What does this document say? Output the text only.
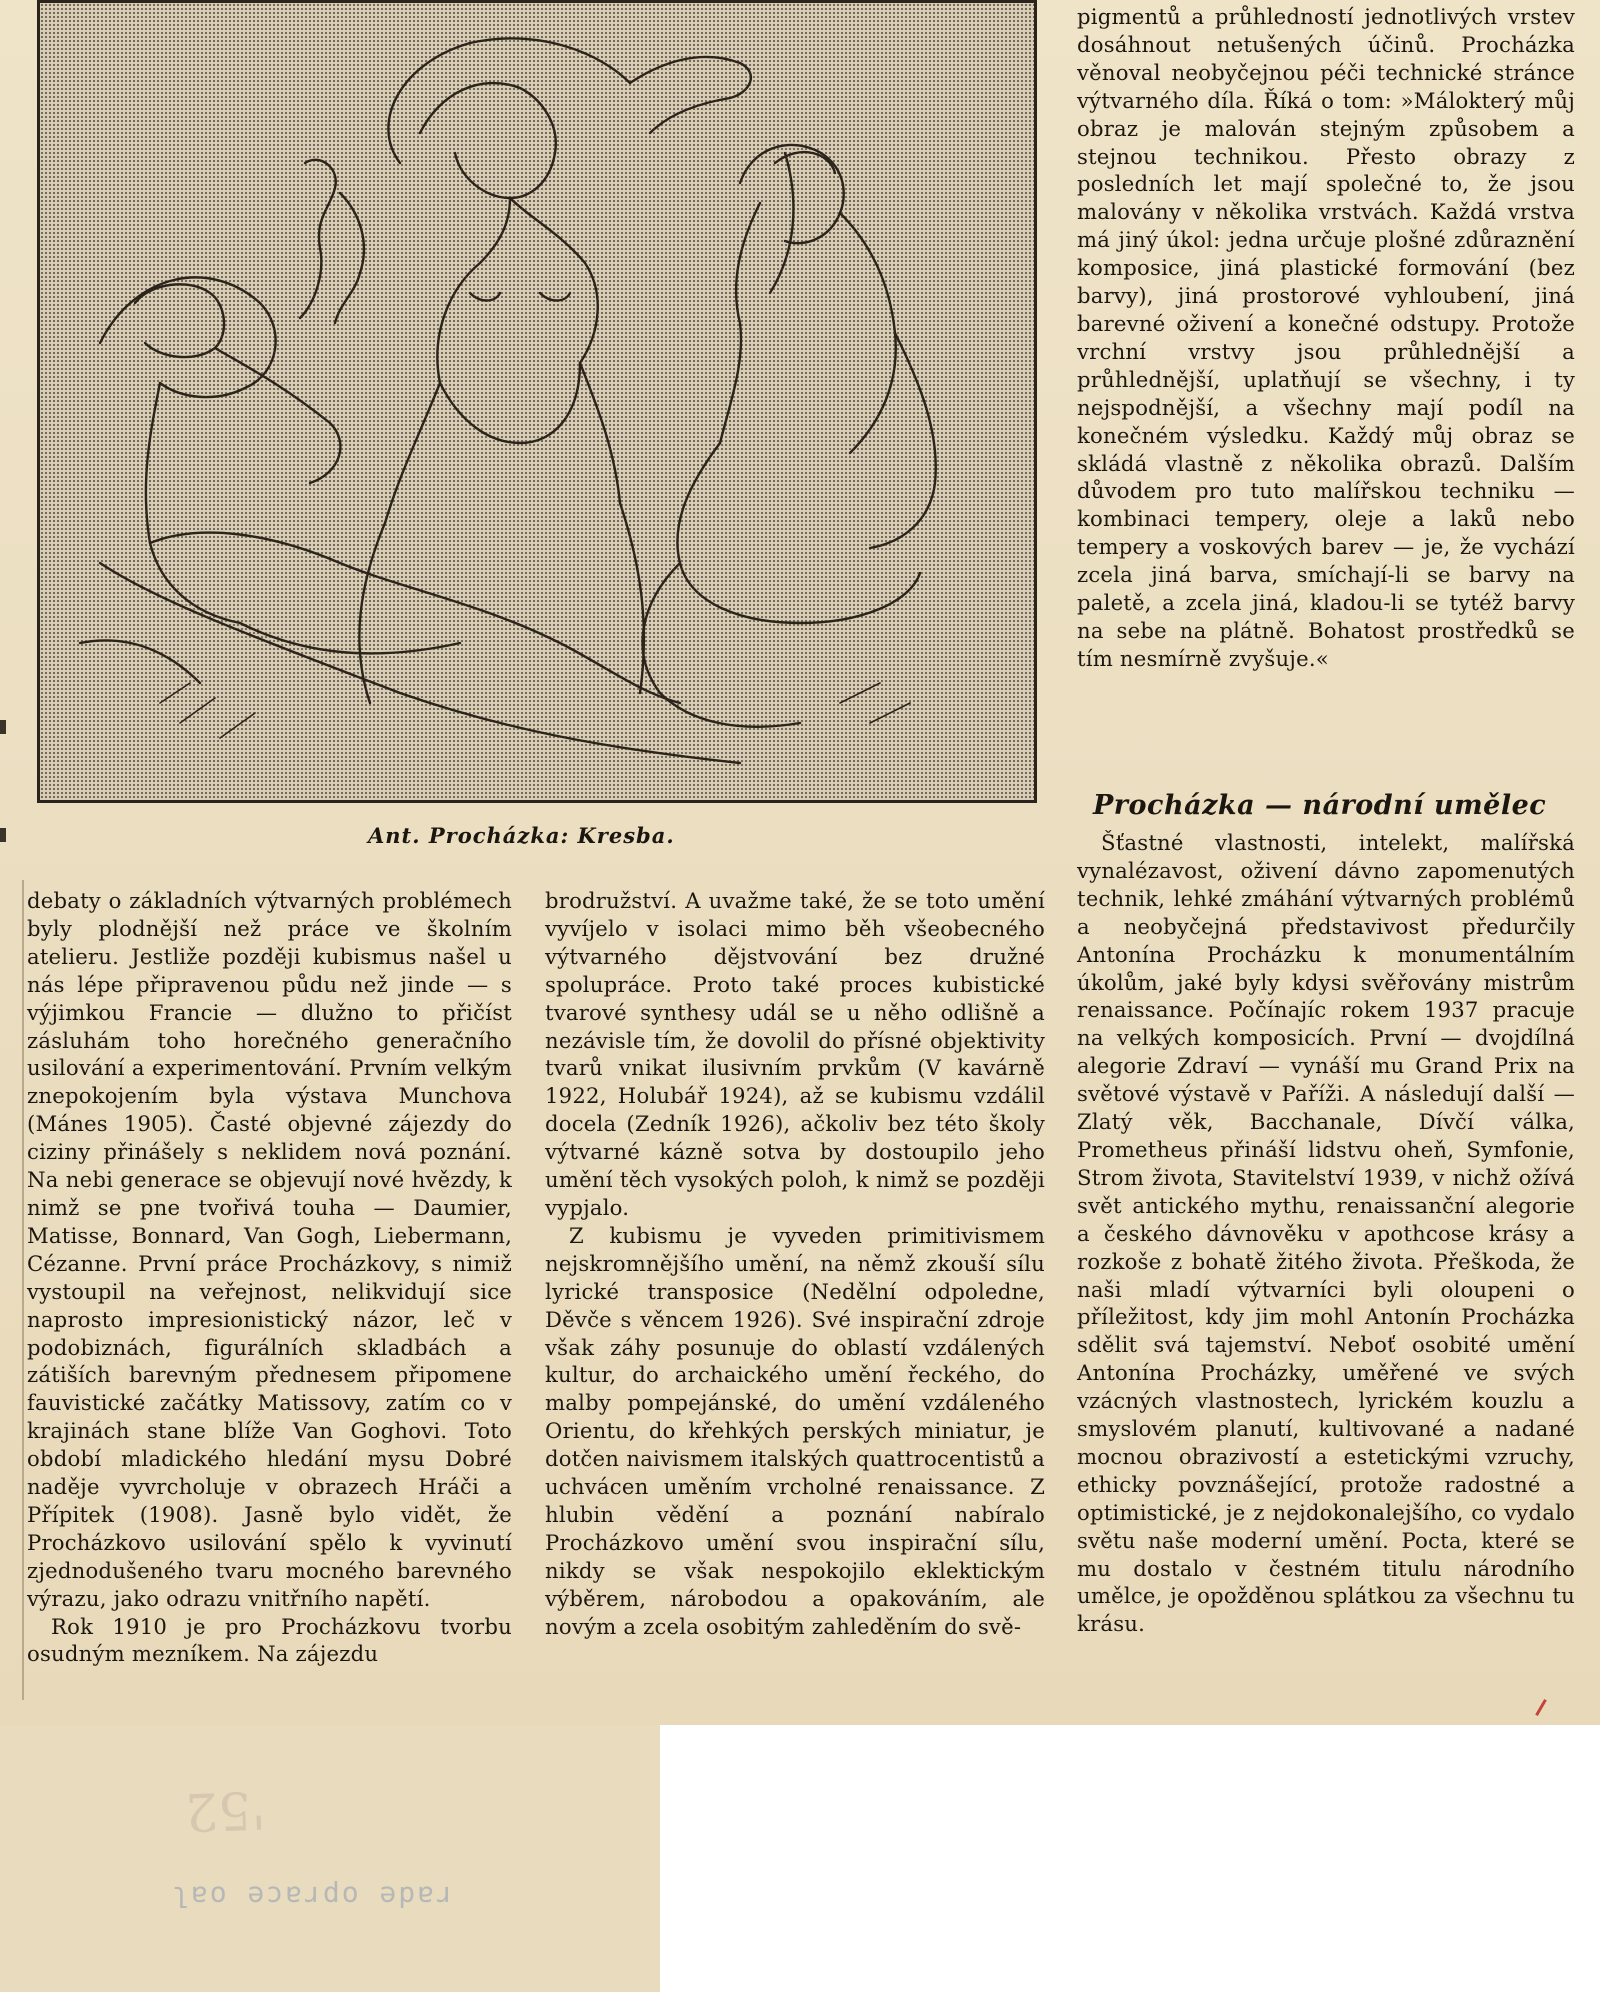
'52
rade oprace oal
Ant. Procházka: Kresba.

debaty o základních výtvarných problémech byly plodnější než práce ve školním atelieru. Jestliže později kubismus našel u nás lépe připravenou půdu než jinde — s výjimkou Francie — dlužno to přičíst zásluhám toho horečného generačního usilování a experimentování. Prvním velkým znepokojením byla výstava Munchova (Mánes 1905). Časté objevné zájezdy do ciziny přinášely s neklidem nová poznání. Na nebi generace se objevují nové hvězdy, k nimž se pne tvořivá touha — Daumier, Matisse, Bonnard, Van Gogh, Liebermann, Cézanne. První práce Procházkovy, s nimiž vystoupil na veřejnost, nelikvidují sice naprosto impresionistický názor, leč v podobiznách, figurálních skladbách a zátiších barevným přednesem připomene fauvistické začátky Matissovy, zatím co v krajinách stane blíže Van Goghovi. Toto období mladického hledání mysu Dobré naděje vyvrcholuje v obrazech Hráči a Přípitek (1908). Jasně bylo vidět, že Procházkovo usilování spělo k vyvinutí zjednodušeného tvaru mocného barevného výrazu, jako odrazu vnitřního napětí.

Rok 1910 je pro Procházkovu tvorbu osudným mezníkem. Na zájezdu

brodružství. A uvažme také, že se toto umění vyvíjelo v isolaci mimo běh všeobecného výtvarného dějstvování bez družné spolupráce. Proto také proces kubistické tvarové synthesy udál se u něho odlišně a nezávisle tím, že dovolil do přísné objektivity tvarů vnikat ilusivním prvkům (V kavárně 1922, Holubář 1924), až se kubismu vzdálil docela (Zedník 1926), ačkoliv bez této školy výtvarné kázně sotva by dostoupilo jeho umění těch vysokých poloh, k nimž se později vypjalo.

Z kubismu je vyveden primitivismem nejskromnějšího umění, na němž zkouší sílu lyrické transposice (Nedělní odpoledne, Děvče s věncem 1926). Své inspirační zdroje však záhy posunuje do oblastí vzdálených kultur, do archaického umění řeckého, do malby pompejánské, do umění vzdáleného Orientu, do křehkých perských miniatur, je dotčen naivismem italských quattrocentistů a uchvácen uměním vrcholné renaissance. Z hlubin vědění a poznání nabíralo Procházkovo umění svou inspirační sílu, nikdy se však nespokojilo eklektickým výběrem, nárobodou a opakováním, ale novým a zcela osobitým zahleděním do svě-

pigmentů a průhledností jednotlivých vrstev dosáhnout netušených účinů. Procházka věnoval neobyčejnou péči technické stránce výtvarného díla. Říká o tom: »Málokterý můj obraz je malován stejným způsobem a stejnou technikou. Přesto obrazy z posledních let mají společné to, že jsou malovány v několika vrstvách. Každá vrstva má jiný úkol: jedna určuje plošné zdůraznění komposice, jiná plastické formování (bez barvy), jiná prostorové vyhloubení, jiná barevné oživení a konečné odstupy. Protože vrchní vrstvy jsou průhlednější a průhlednější, uplatňují se všechny, i ty nejspodnější, a všechny mají podíl na konečném výsledku. Každý můj obraz se skládá vlastně z několika obrazů. Dalším důvodem pro tuto malířskou techniku — kombinaci tempery, oleje a laků nebo tempery a voskových barev — je, že vychází zcela jiná barva, smíchají-li se barvy na paletě, a zcela jiná, kladou-li se tytéž barvy na sebe na plátně. Bohatost prostředků se tím nesmírně zvyšuje.«

Procházka — národní umělec

Šťastné vlastnosti, intelekt, malířská vynalézavost, oživení dávno zapomenutých technik, lehké zmáhání výtvarných problémů a neobyčejná představivost předurčily Antonína Procházku k monumentálním úkolům, jaké byly kdysi svěřovány mistrům renaissance. Počínajíc rokem 1937 pracuje na velkých komposicích. První — dvojdílná alegorie Zdraví — vynáší mu Grand Prix na světové výstavě v Paříži. A následují další — Zlatý věk, Bacchanale, Dívčí válka, Prometheus přináší lidstvu oheň, Symfonie, Strom života, Stavitelství 1939, v nichž ožívá svět antického mythu, renaissanční alegorie a českého dávnověku v apothcose krásy a rozkoše z bohatě žitého života. Přeškoda, že naši mladí výtvarníci byli oloupeni o příležitost, kdy jim mohl Antonín Procházka sdělit svá tajemství. Neboť osobité umění Antonína Procházky, uměřené ve svých vzácných vlastnostech, lyrickém kouzlu a smyslovém planutí, kultivované a nadané mocnou obrazivostí a estetickými vzruchy, ethicky povznášející, protože radostné a optimistické, je z nejdokonalejšího, co vydalo světu naše moderní umění. Pocta, které se mu dostalo v čestném titulu národního umělce, je opožděnou splátkou za všechnu tu krásu.
